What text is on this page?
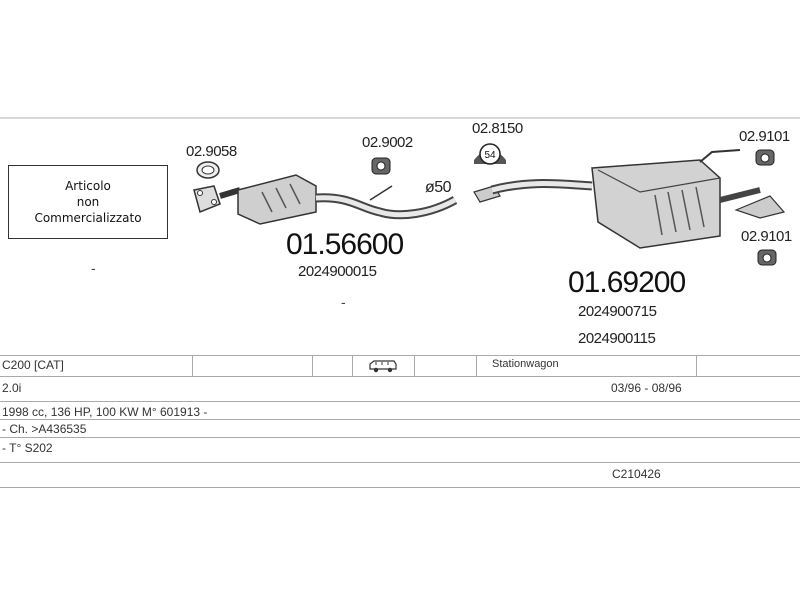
Articolo
non
Commercializzato
54
02.9058
02.9002
02.8150	02.9101
02.9101
ø50
01.56600
2024900015	01.69200
2024900715
2024900115
-
-
C200 [CAT]	Stationwagon
2.0i	03/96 - 08/96
1998 cc, 136 HP, 100 KW M° 601913 -
- Ch. >A436535
- T° S202
C210426
